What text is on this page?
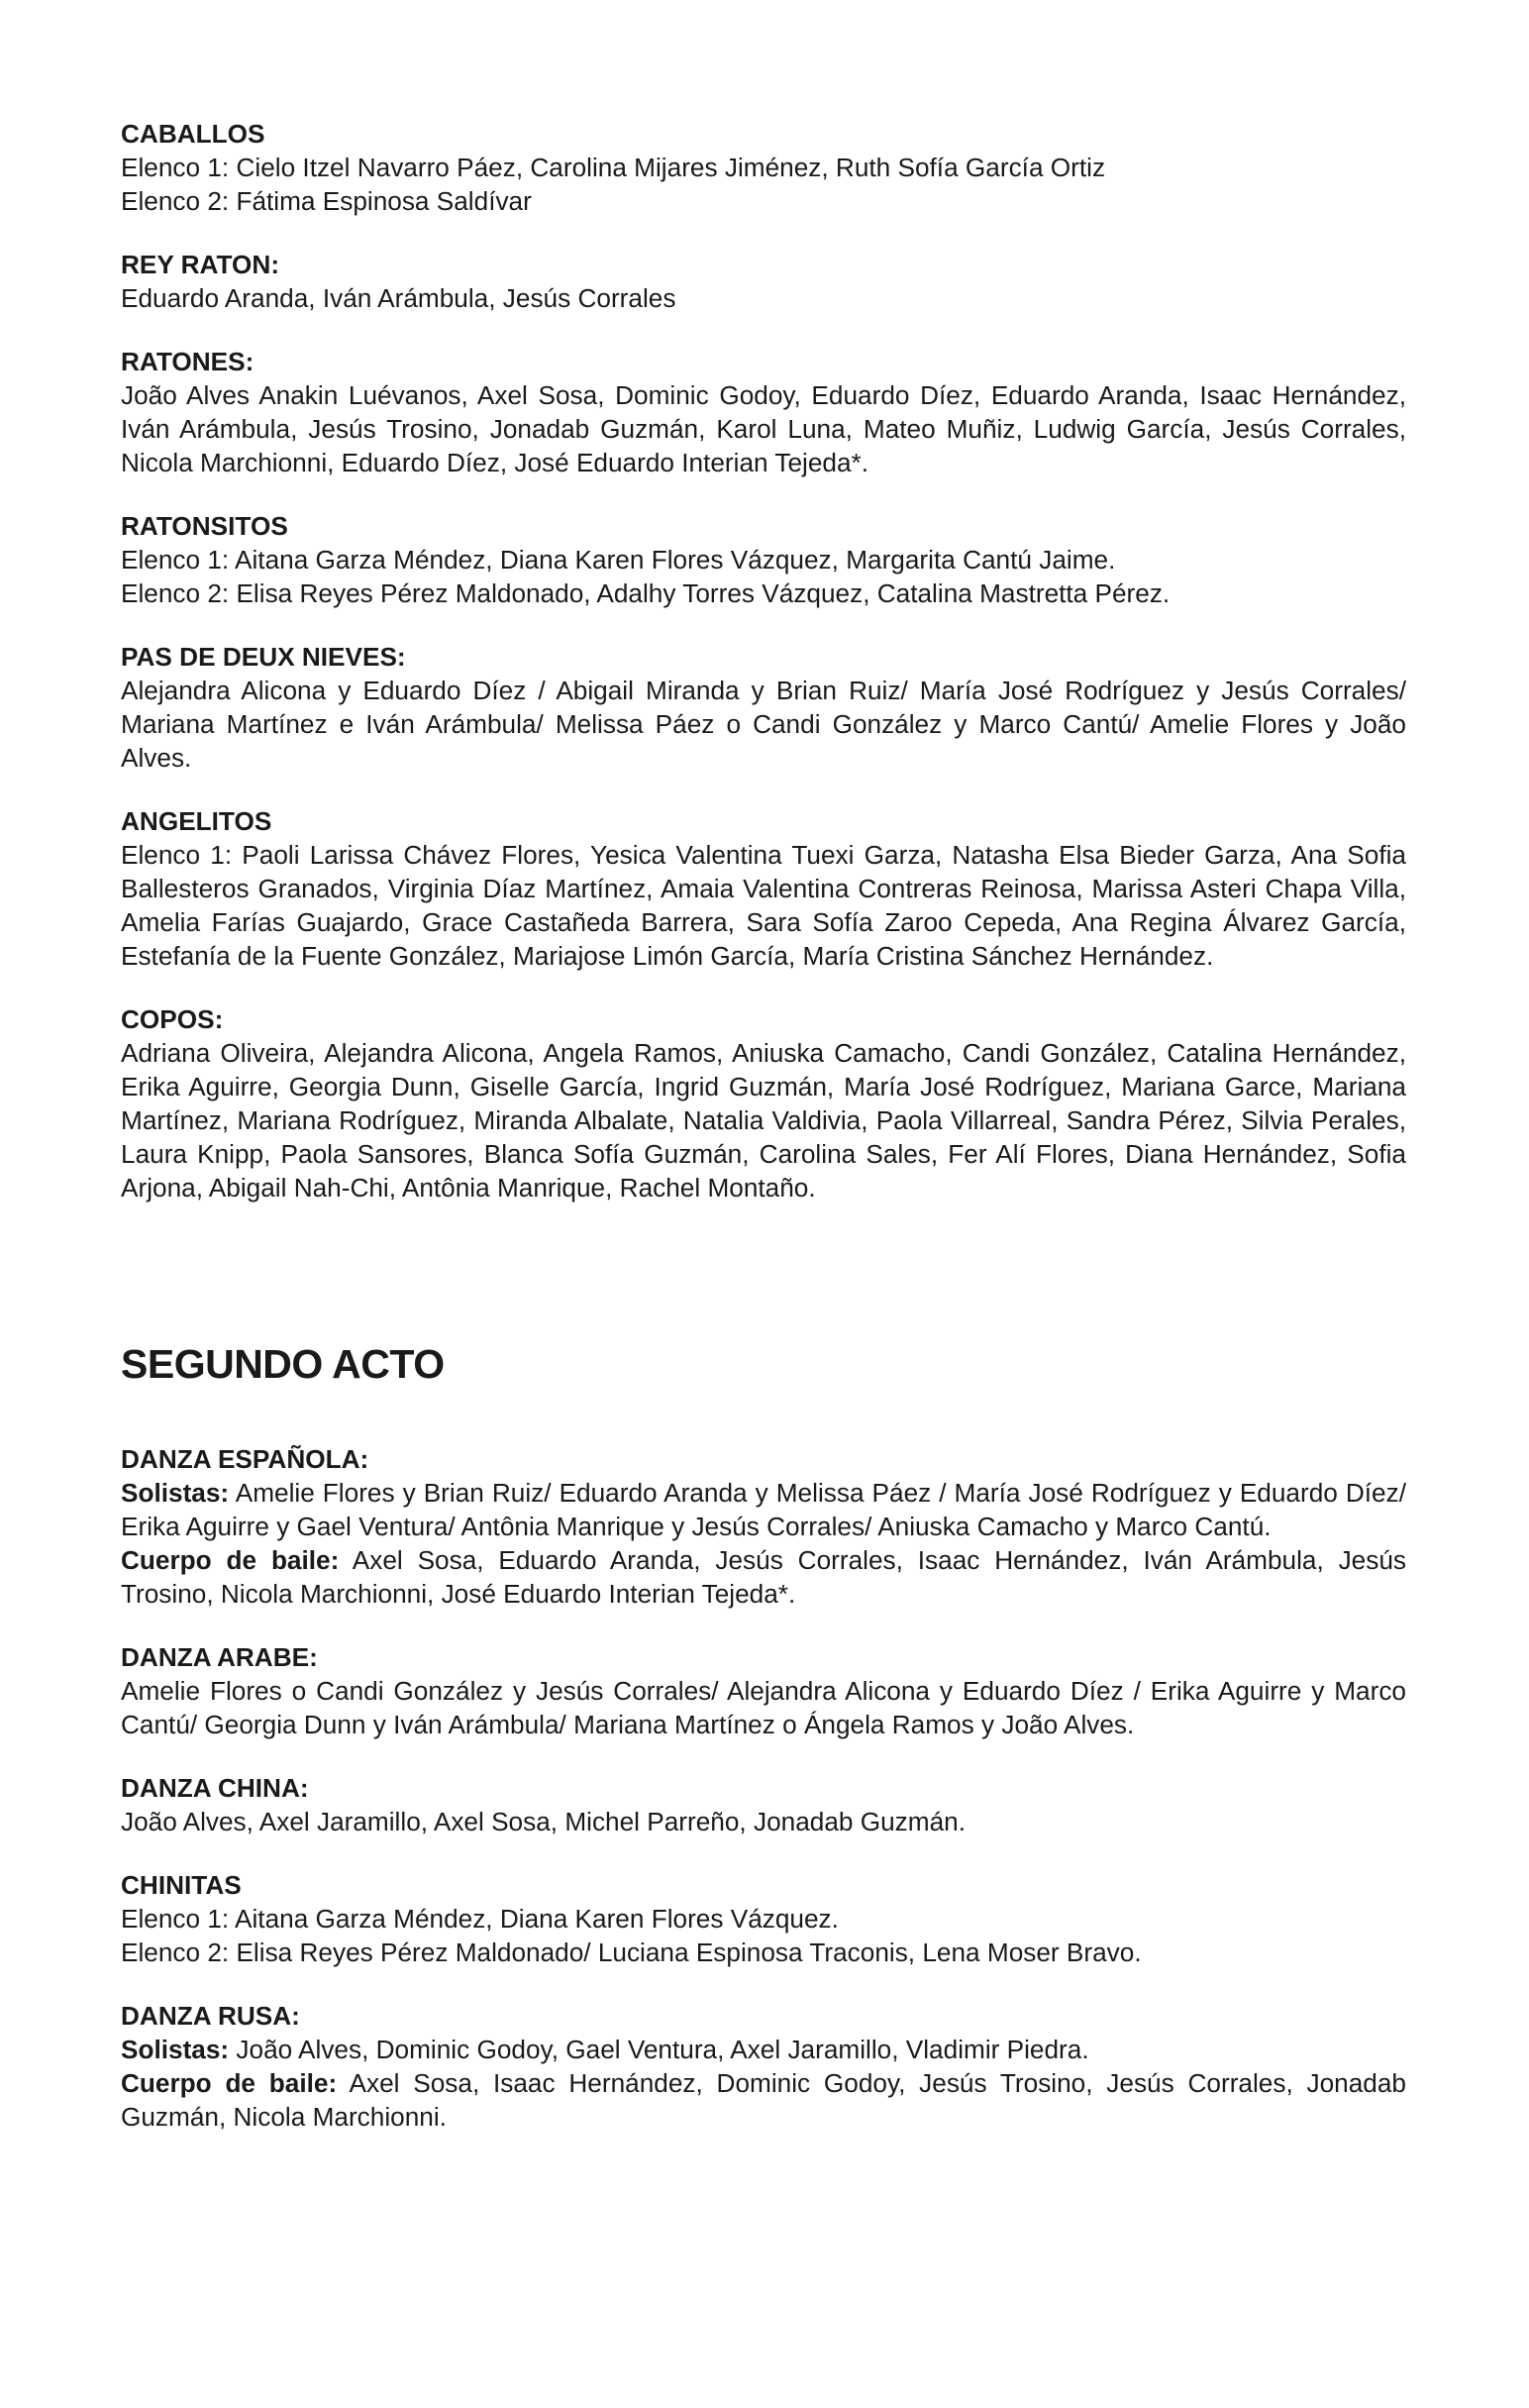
CABALLOS

Elenco 1: Cielo Itzel Navarro Páez, Carolina Mijares Jiménez, Ruth Sofía García Ortiz

Elenco 2: Fátima Espinosa Saldívar

REY RATON:

Eduardo Aranda, Iván Arámbula, Jesús Corrales

RATONES:

João Alves Anakin Luévanos, Axel Sosa, Dominic Godoy, Eduardo Díez, Eduardo Aranda, Isaac Hernández, Iván Arámbula, Jesús Trosino, Jonadab Guzmán, Karol Luna, Mateo Muñiz, Ludwig García, Jesús Corrales, Nicola Marchionni, Eduardo Díez, José Eduardo Interian Tejeda*.

RATONSITOS

Elenco 1: Aitana Garza Méndez, Diana Karen Flores Vázquez, Margarita Cantú Jaime.

Elenco 2: Elisa Reyes Pérez Maldonado, Adalhy Torres Vázquez, Catalina Mastretta Pérez.

PAS DE DEUX NIEVES:

Alejandra Alicona y Eduardo Díez / Abigail Miranda y Brian Ruiz/ María José Rodríguez y Jesús Corrales/ Mariana Martínez e Iván Arámbula/ Melissa Páez o Candi González y Marco Cantú/ Amelie Flores y João Alves.

ANGELITOS

Elenco 1: Paoli Larissa Chávez Flores, Yesica Valentina Tuexi Garza, Natasha Elsa Bieder Garza, Ana Sofia Ballesteros Granados, Virginia Díaz Martínez, Amaia Valentina Contreras Reinosa, Marissa Asteri Chapa Villa, Amelia Farías Guajardo, Grace Castañeda Barrera, Sara Sofía Zaroo Cepeda, Ana Regina Álvarez García, Estefanía de la Fuente González, Mariajose Limón García, María Cristina Sánchez Hernández.

COPOS:

Adriana Oliveira, Alejandra Alicona, Angela Ramos, Aniuska Camacho, Candi González, Catalina Hernández, Erika Aguirre, Georgia Dunn, Giselle García, Ingrid Guzmán, María José Rodríguez, Mariana Garce, Mariana Martínez, Mariana Rodríguez, Miranda Albalate, Natalia Valdivia, Paola Villarreal, Sandra Pérez, Silvia Perales, Laura Knipp, Paola Sansores, Blanca Sofía Guzmán, Carolina Sales, Fer Alí Flores, Diana Hernández, Sofia Arjona, Abigail Nah-Chi, Antônia Manrique, Rachel Montaño.

SEGUNDO ACTO

DANZA ESPAÑOLA:

Solistas: Amelie Flores y Brian Ruiz/ Eduardo Aranda y Melissa Páez / María José Rodríguez y Eduardo Díez/ Erika Aguirre y Gael Ventura/ Antônia Manrique y Jesús Corrales/ Aniuska Camacho y Marco Cantú.

Cuerpo de baile: Axel Sosa, Eduardo Aranda, Jesús Corrales, Isaac Hernández, Iván Arámbula, Jesús Trosino, Nicola Marchionni, José Eduardo Interian Tejeda*.

DANZA ARABE:

Amelie Flores o Candi González y Jesús Corrales/ Alejandra Alicona y Eduardo Díez / Erika Aguirre y Marco Cantú/ Georgia Dunn y Iván Arámbula/ Mariana Martínez o Ángela Ramos y João Alves.

DANZA CHINA:

João Alves, Axel Jaramillo, Axel Sosa, Michel Parreño, Jonadab Guzmán.

CHINITAS

Elenco 1: Aitana Garza Méndez, Diana Karen Flores Vázquez.

Elenco 2: Elisa Reyes Pérez Maldonado/ Luciana Espinosa Traconis, Lena Moser Bravo.

DANZA RUSA:

Solistas: João Alves, Dominic Godoy, Gael Ventura, Axel Jaramillo, Vladimir Piedra.

Cuerpo de baile: Axel Sosa, Isaac Hernández, Dominic Godoy, Jesús Trosino, Jesús Corrales, Jonadab Guzmán, Nicola Marchionni.
